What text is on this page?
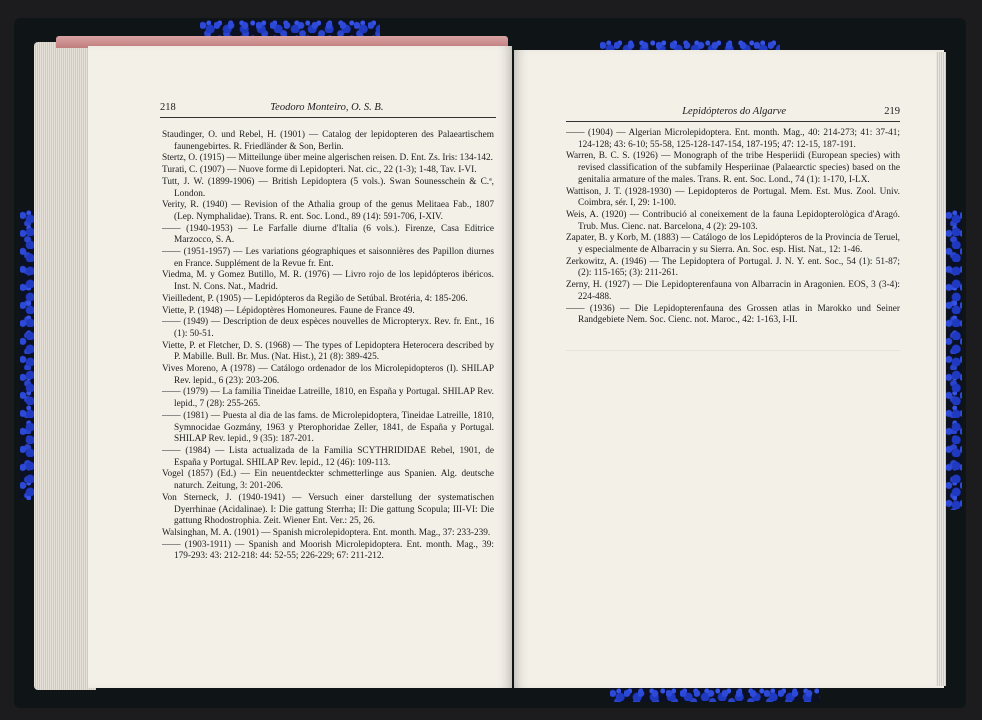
218	Teodoro Monteiro, O. S. B.

Staudinger, O. und Rebel, H. (1901) — Catalog der lepidopteren des Palaeartischem faunengebirtes. R. Friedländer & Son, Berlin.

Stertz, O. (1915) — Mitteilunge über meine algerischen reisen. D. Ent. Zs. Iris: 134-142.

Turati, C. (1907) — Nuove forme di Lepidopteri. Nat. cic., 22 (1-3); 1-48, Tav. I-VI.

Tutt, J. W. (1899-1906) — British Lepidoptera (5 vols.). Swan Sounesschein & C.ª, London.

Verity, R. (1940) — Revision of the Athalia group of the genus Melitaea Fab., 1807 (Lep. Nymphalidae). Trans. R. ent. Soc. Lond., 89 (14): 591-706, I-XIV.

—— (1940-1953) — Le Farfalle diurne d'Italia (6 vols.). Firenze, Casa Editrice Marzocco, S. A.

—— (1951-1957) — Les variations géographiques et saisonnières des Papillon diurnes en France. Supplément de la Revue fr. Ent.

Viedma, M. y Gomez Butillo, M. R. (1976) — Livro rojo de los lepidópteros ibéricos. Inst. N. Cons. Nat., Madrid.

Vieilledent, P. (1905) — Lepidópteros da Região de Setúbal. Brotéria, 4: 185-206.

Viette, P. (1948) — Lépidoptères Homoneures. Faune de France 49.

—— (1949) — Description de deux espèces nouvelles de Micropteryx. Rev. fr. Ent., 16 (1): 50-51.

Viette, P. et Fletcher, D. S. (1968) — The types of Lepidoptera Heterocera described by P. Mabille. Bull. Br. Mus. (Nat. Hist.), 21 (8): 389-425.

Vives Moreno, A (1978) — Catálogo ordenador de los Microlepidopteros (I). SHILAP Rev. lepid., 6 (23): 203-206.

—— (1979) — La familia Tineidae Latreille, 1810, en España y Portugal. SHILAP Rev. lepid., 7 (28): 255-265.

—— (1981) — Puesta al dia de las fams. de Microlepidoptera, Tineidae Latreille, 1810, Symnocidae Gozmány, 1963 y Pterophoridae Zeller, 1841, de España y Portugal. SHILAP Rev. lepid., 9 (35): 187-201.

—— (1984) — Lista actualizada de la Familia SCYTHRIDIDAE Rebel, 1901, de España y Portugal. SHILAP Rev. lepid., 12 (46): 109-113.

Vogel (1857) (Ed.) — Ein neuentdeckter schmetterlinge aus Spanien. Alg. deutsche naturch. Zeitung, 3: 201-206.

Von Sterneck, J. (1940-1941) — Versuch einer darstellung der systematischen Dyerrhinae (Acidalinae). I: Die gattung Sterrha; II: Die gattung Scopula; III-VI: Die gattung Rhodostrophia. Zeit. Wiener Ent. Ver.: 25, 26.

Walsinghan, M. A. (1901) — Spanish microlepidoptera. Ent. month. Mag., 37: 233-239.

—— (1903-1911) — Spanish and Moorish Microlepidoptera. Ent. month. Mag., 39: 179-293: 43: 212-218: 44: 52-55; 226-229; 67: 211-212.

Lepidópteros do Algarve	219

—— (1904) — Algerian Microlepidoptera. Ent. month. Mag., 40: 214-273; 41: 37-41; 124-128; 43: 6-10; 55-58, 125-128-147-154, 187-195; 47: 12-15, 187-191.

Warren, B. C. S. (1926) — Monograph of the tribe Hesperiidi (European species) with revised classification of the subfamily Hesperiinae (Palaearctic species) based on the genitalia armature of the males. Trans. R. ent. Soc. Lond., 74 (1): 1-170, I-LX.

Wattison, J. T. (1928-1930) — Lepidopteros de Portugal. Mem. Est. Mus. Zool. Univ. Coimbra, sér. I, 29: 1-100.

Weis, A. (1920) — Contribució al coneixement de la fauna Lepidopterològica d'Aragó. Trub. Mus. Cienc. nat. Barcelona, 4 (2): 29-103.

Zapater, B. y Korb, M. (1883) — Catálogo de los Lepidópteros de la Provincia de Teruel, y especialmente de Albarracin y su Sierra. An. Soc. esp. Hist. Nat., 12: 1-46.

Zerkowitz, A. (1946) — The Lepidoptera of Portugal. J. N. Y. ent. Soc., 54 (1): 51-87; (2): 115-165; (3): 211-261.

Zerny, H. (1927) — Die Lepidopterenfauna von Albarracin in Aragonien. EOS, 3 (3-4): 224-488.

—— (1936) — Die Lepidopterenfauna des Grossen atlas in Marokko und Seiner Randgebiete Nem. Soc. Cienc. not. Maroc., 42: 1-163, I-II.
